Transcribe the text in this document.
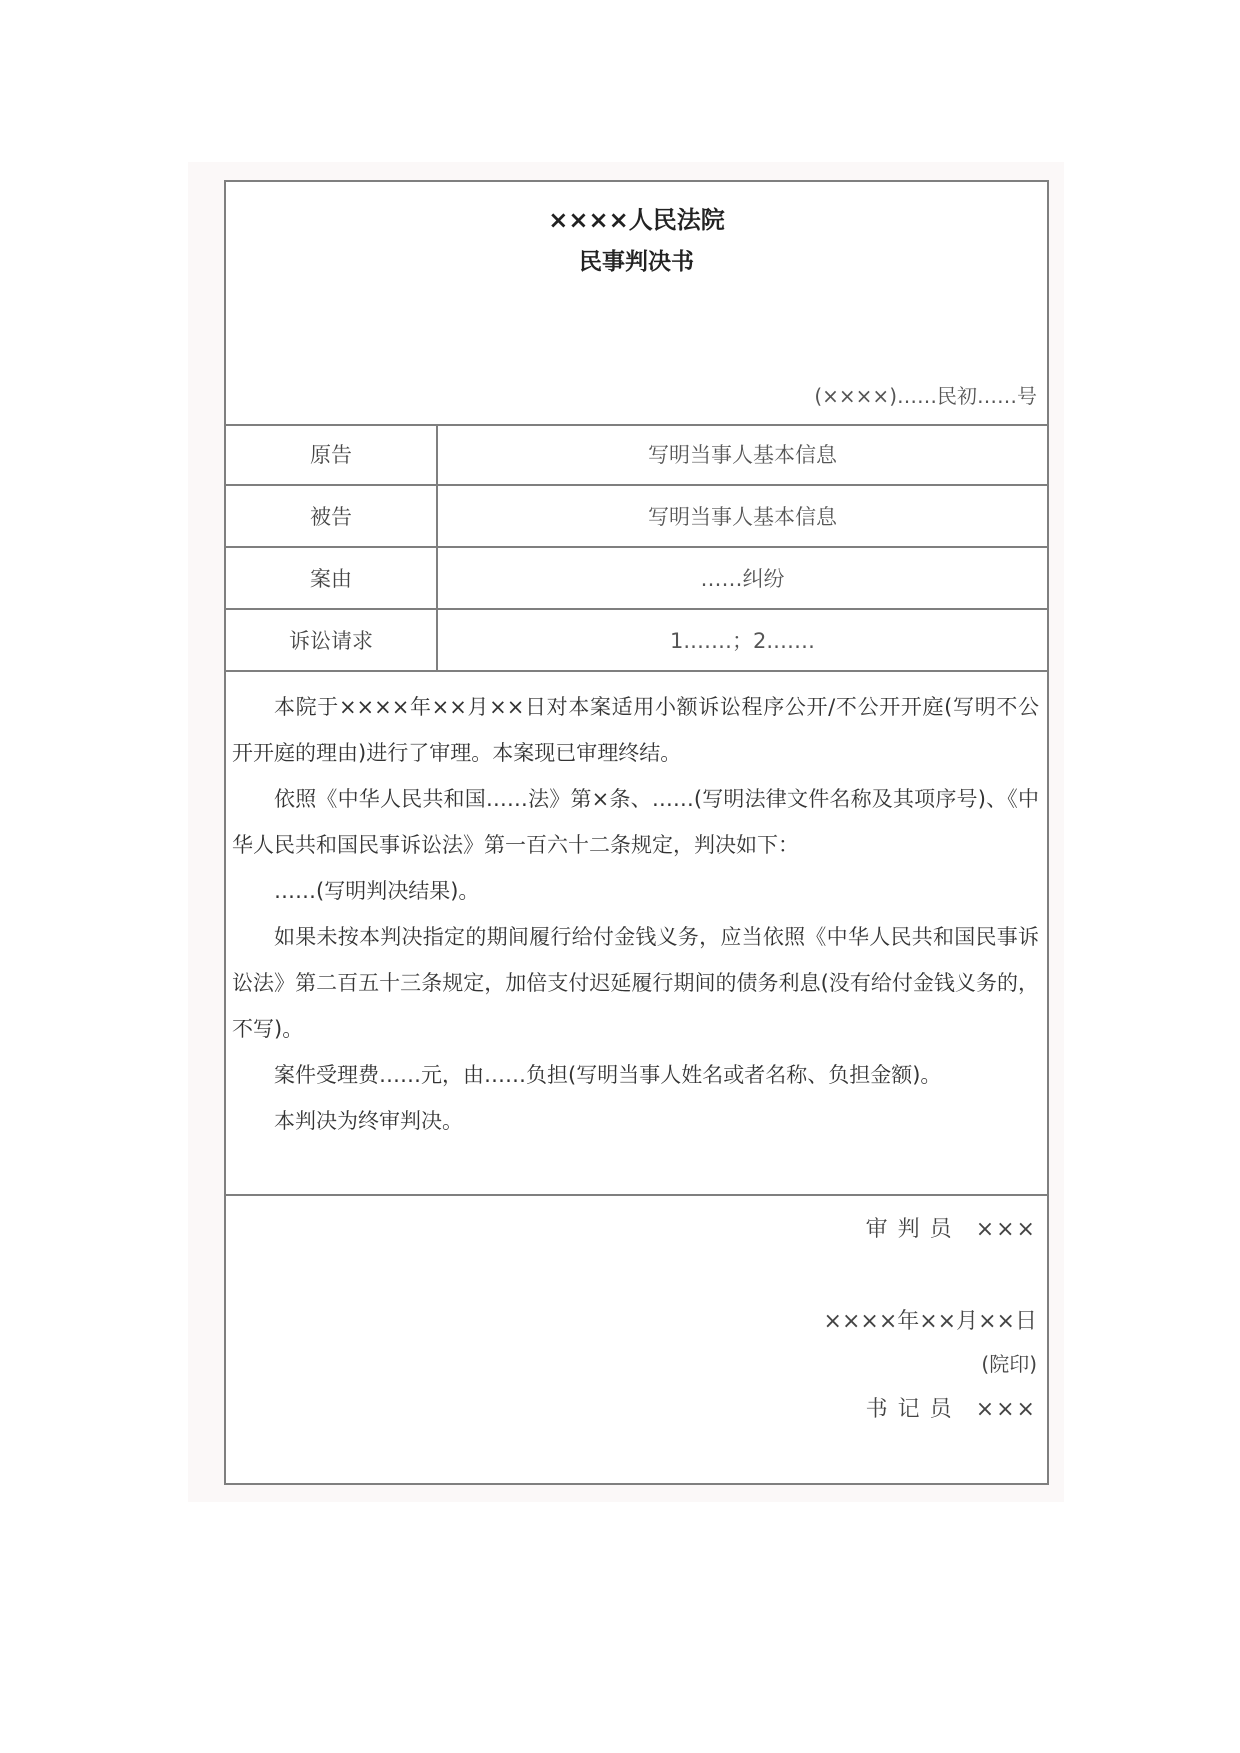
××××人民法院
民事判决书
(××××)……民初……号
原告	写明当事人基本信息
被告	写明当事人基本信息
案由	……纠纷
诉讼请求	1.……；2.……

本院于××××年××月××日对本案适用小额诉讼程序公开/不公开开庭(写明不公开开庭的理由)进行了审理。本案现已审理终结。

依照《中华人民共和国……法》第×条、……(写明法律文件名称及其项序号)、《中华人民共和国民事诉讼法》第一百六十二条规定，判决如下：

……(写明判决结果)。

如果未按本判决指定的期间履行给付金钱义务，应当依照《中华人民共和国民事诉讼法》第二百五十三条规定，加倍支付迟延履行期间的债务利息(没有给付金钱义务的，不写)。

案件受理费……元，由……负担(写明当事人姓名或者名称、负担金额)。

本判决为终审判决。

审判员 ×××
××××年××月××日
(院印)
书记员 ×××
